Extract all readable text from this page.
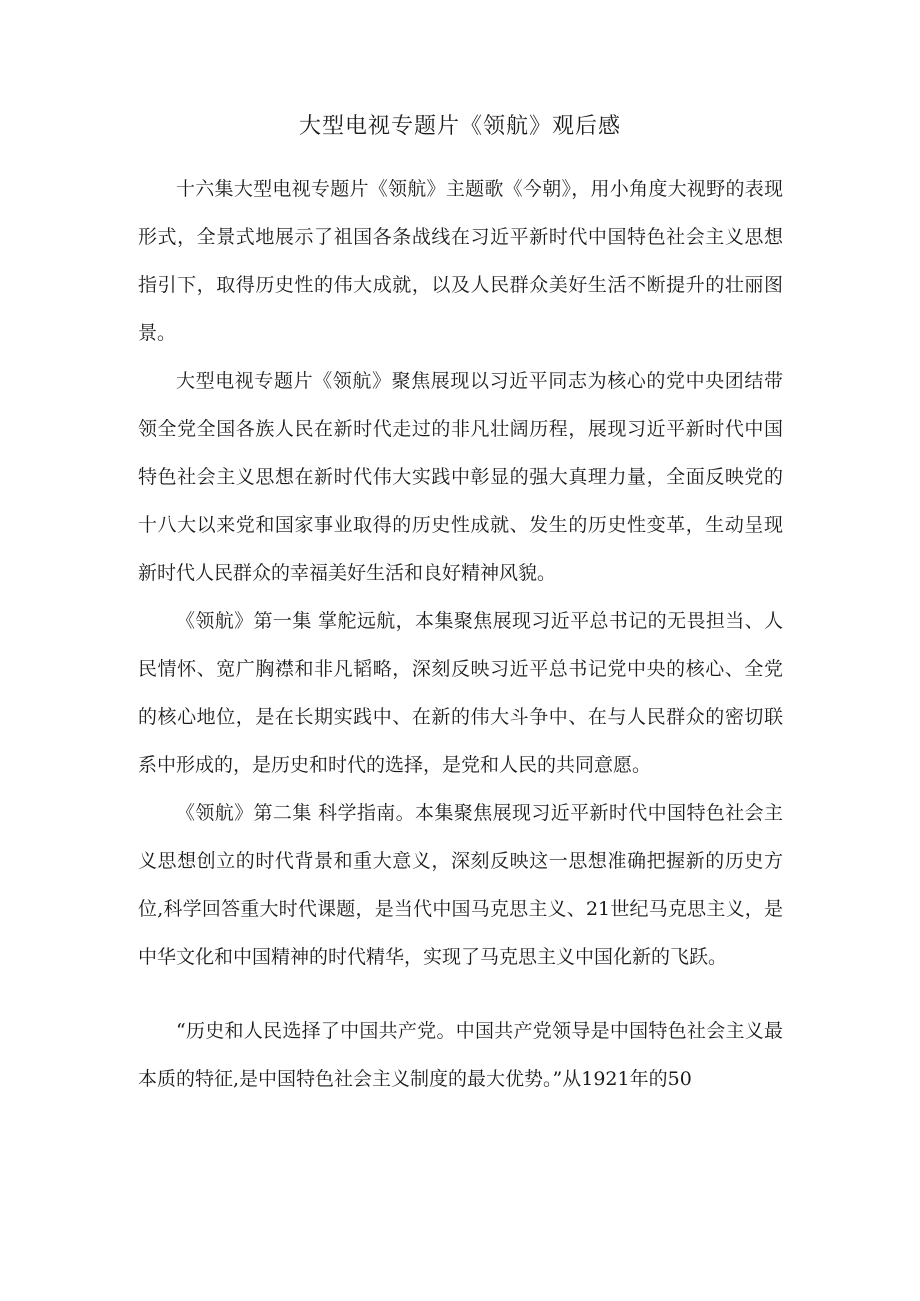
大型电视专题片《领航》观后感

十六集大型电视专题片《领航》主题歌《今朝》，用小角度大视野的表现形式，全景式地展示了祖国各条战线在习近平新时代中国特色社会主义思想指引下，取得历史性的伟大成就，以及人民群众美好生活不断提升的壮丽图景。

大型电视专题片《领航》聚焦展现以习近平同志为核心的党中央团结带领全党全国各族人民在新时代走过的非凡壮阔历程，展现习近平新时代中国特色社会主义思想在新时代伟大实践中彰显的强大真理力量，全面反映党的十八大以来党和国家事业取得的历史性成就、发生的历史性变革，生动呈现新时代人民群众的幸福美好生活和良好精神风貌。

《领航》第一集 掌舵远航，本集聚焦展现习近平总书记的无畏担当、人民情怀、宽广胸襟和非凡韬略，深刻反映习近平总书记党中央的核心、全党的核心地位，是在长期实践中、在新的伟大斗争中、在与人民群众的密切联系中形成的，是历史和时代的选择，是党和人民的共同意愿。

《领航》第二集 科学指南。本集聚焦展现习近平新时代中国特色社会主义思想创立的时代背景和重大意义，深刻反映这一思想准确把握新的历史方位,科学回答重大时代课题，是当代中国马克思主义、21世纪马克思主义，是中华文化和中国精神的时代精华，实现了马克思主义中国化新的飞跃。

“历史和人民选择了中国共产党。中国共产党领导是中国特色社会主义最本质的特征,是中国特色社会主义制度的最大优势。”从1921年的50
